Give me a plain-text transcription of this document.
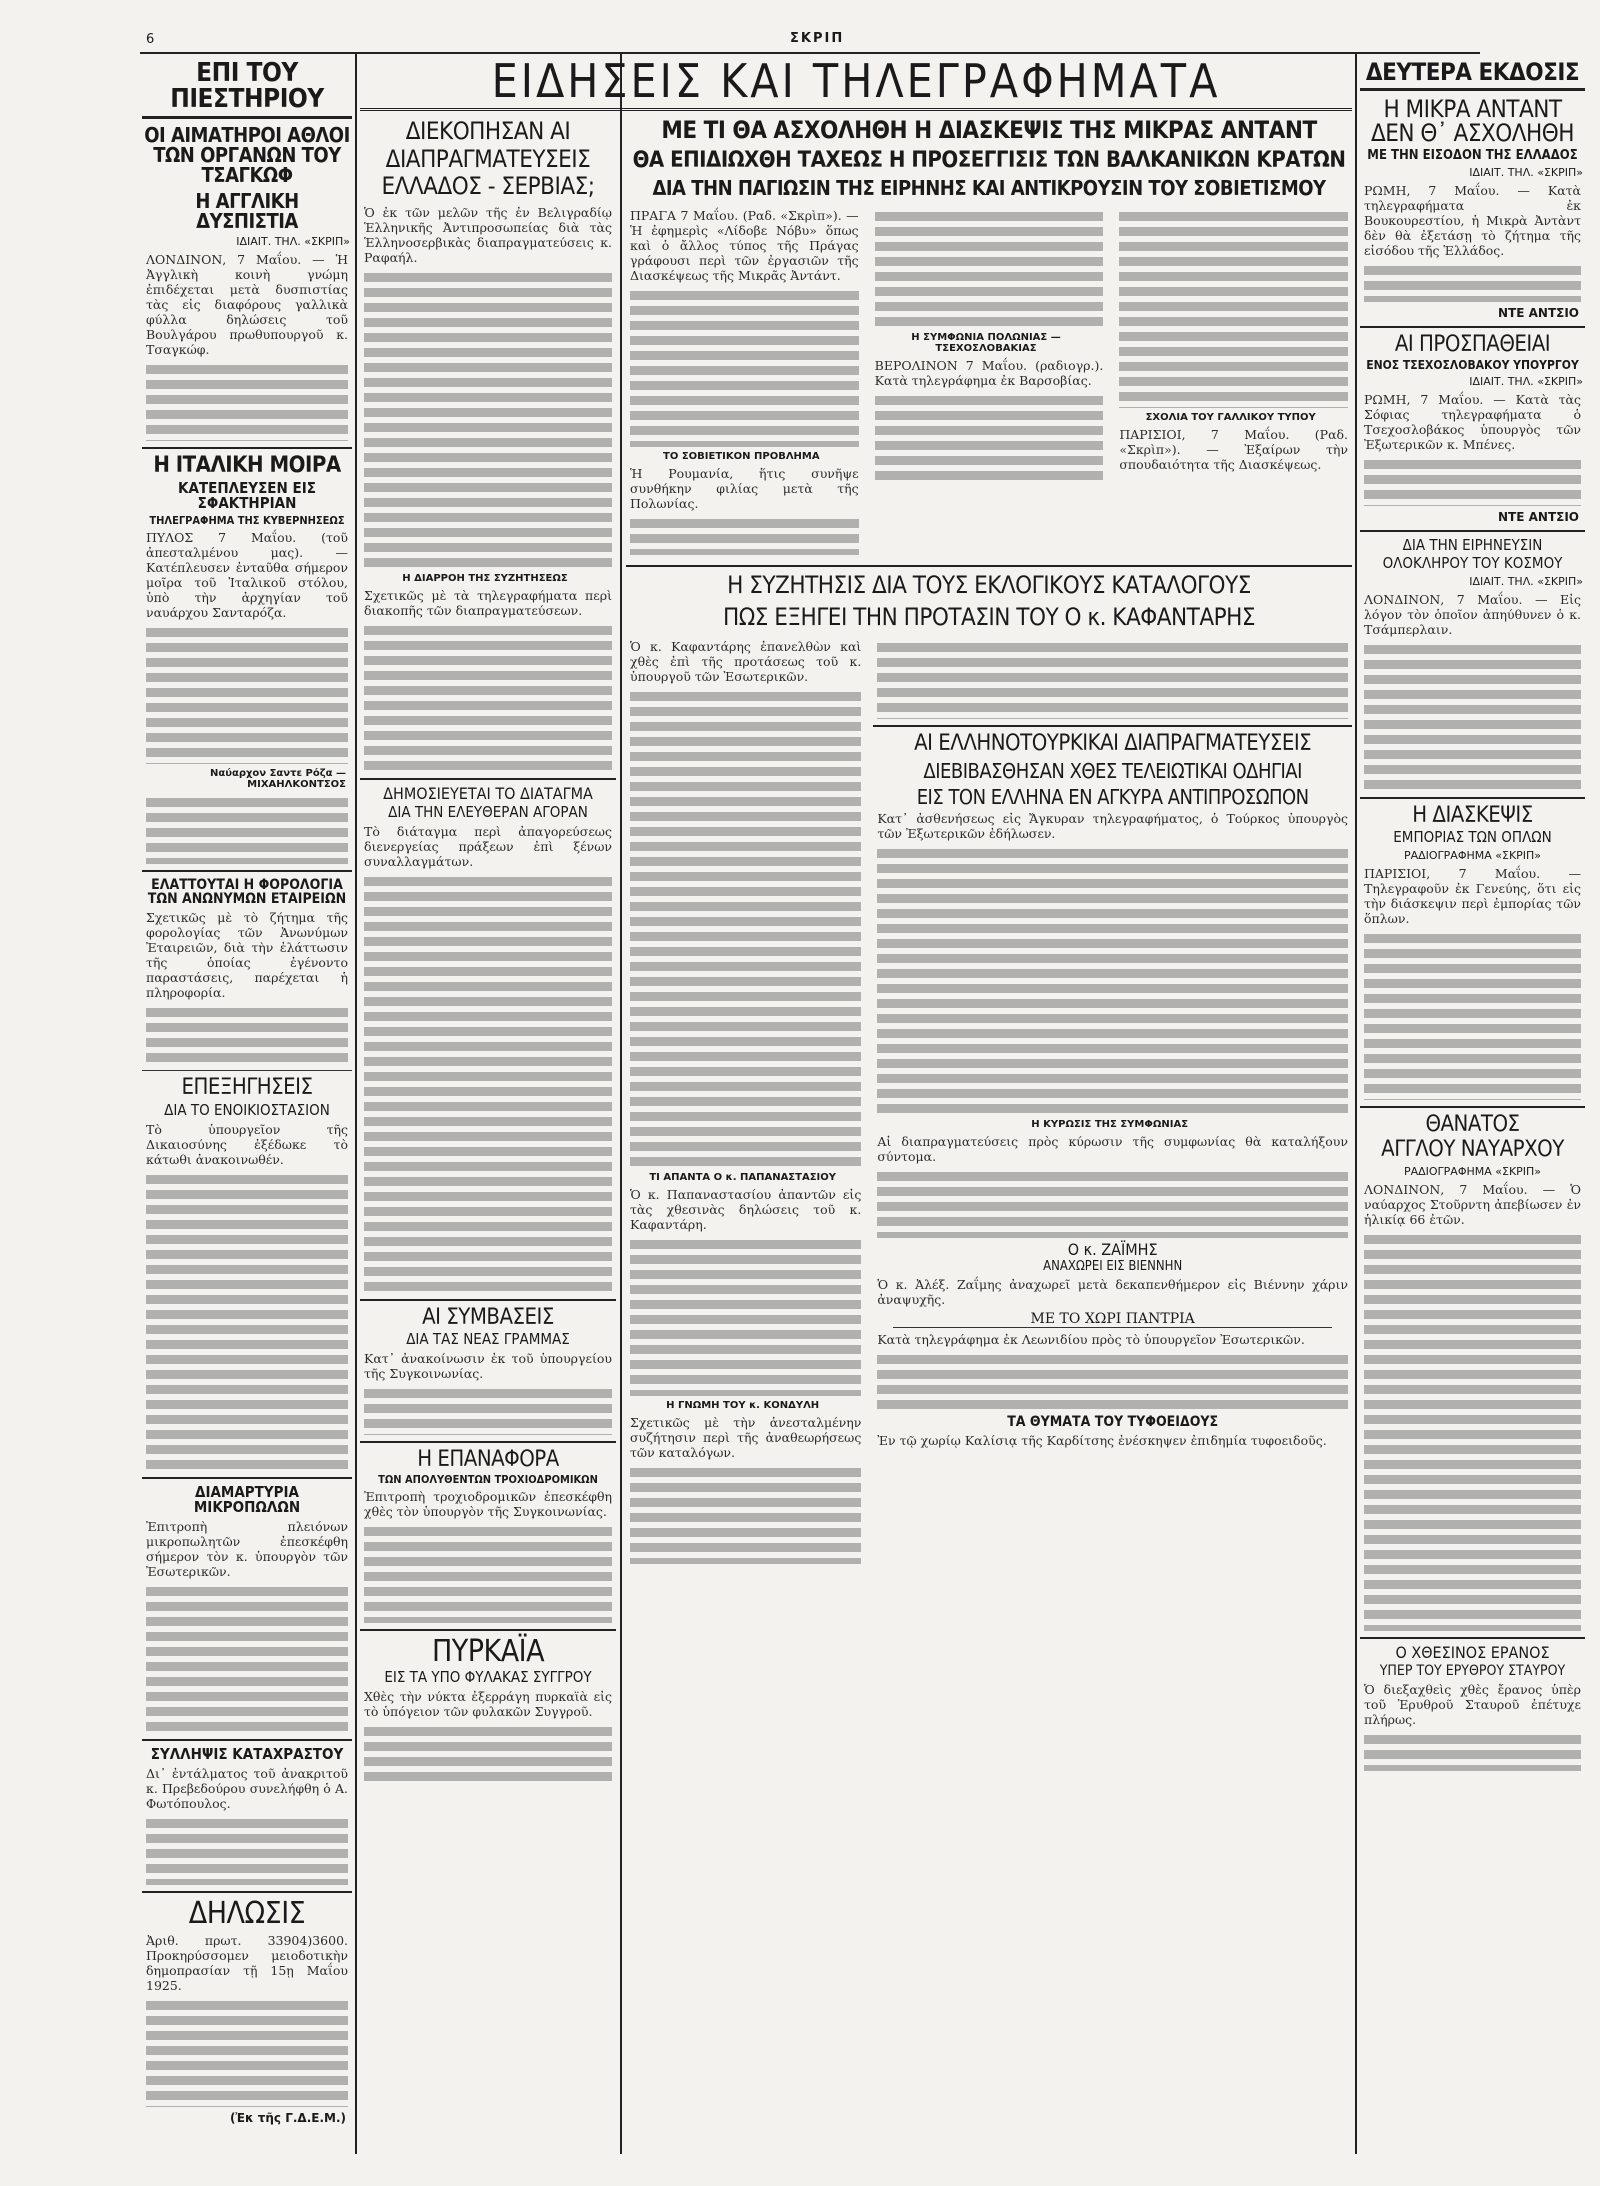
6	ΣΚΡΙΠ
ΕΠΙ ΤΟΥ ΠΙΕΣΤΗΡΙΟΥ
ΟΙ ΑΙΜΑΤΗΡΟΙ ΑΘΛΟΙ ΤΩΝ ΟΡΓΑΝΩΝ ΤΟΥ ΤΣΑΓΚΩΦ
Η ΑΓΓΛΙΚΗ ΔΥΣΠΙΣΤΙΑ
ΙΔΙΑΙΤ. ΤΗΛ. «ΣΚΡΙΠ»
ΛΟΝΔΙΝΟΝ, 7 Μαΐου. — Ἡ Ἀγγλικὴ κοινὴ γνώμη ἐπιδέχεται μετὰ δυσπιστίας τὰς εἰς διαφόρους γαλλικὰ φύλλα δηλώσεις τοῦ Βουλγάρου πρωθυπουργοῦ κ. Τσαγκώφ.
Η ΙΤΑΛΙΚΗ ΜΟΙΡΑ
ΚΑΤΕΠΛΕΥΣΕΝ ΕΙΣ ΣΦΑΚΤΗΡΙΑΝ
ΤΗΛΕΓΡΑΦΗΜΑ ΤΗΣ ΚΥΒΕΡΝΗΣΕΩΣ
ΠΥΛΟΣ 7 Μαΐου. (τοῦ ἀπεσταλμένου μας). — Κατέπλευσεν ἐνταῦθα σήμερον μοῖρα τοῦ Ἰταλικοῦ στόλου, ὑπὸ τὴν ἀρχηγίαν τοῦ ναυάρχου Σανταρόζα.
Ναύαρχον Σαντε Ρόζα — ΜΙΧΑΗΛΚΟΝΤΣΟΣ
ΕΛΑΤΤΟΥΤΑΙ Η ΦΟΡΟΛΟΓΙΑ ΤΩΝ ΑΝΩΝΥΜΩΝ ΕΤΑΙΡΕΙΩΝ
Σχετικῶς μὲ τὸ ζήτημα τῆς φορολογίας τῶν Ἀνωνύμων Ἐταιρειῶν, διὰ τὴν ἐλάττωσιν τῆς ὁποίας ἐγένοντο παραστάσεις, παρέχεται ἡ πληροφορία.
ΕΠΕΞΗΓΗΣΕΙΣ
ΔΙΑ ΤΟ ΕΝΟΙΚΙΟΣΤΑΣΙΟΝ
Τὸ ὑπουργεῖον τῆς Δικαιοσύνης ἐξέδωκε τὸ κάτωθι ἀνακοινωθέν.
ΔΙΑΜΑΡΤΥΡΙΑ ΜΙΚΡΟΠΩΛΩΝ
Ἐπιτροπὴ πλειόνων μικροπωλητῶν ἐπεσκέφθη σήμερον τὸν κ. ὑπουργὸν τῶν Ἐσωτερικῶν.
ΣΥΛΛΗΨΙΣ ΚΑΤΑΧΡΑΣΤΟΥ
Δι᾽ ἐντάλματος τοῦ ἀνακριτοῦ κ. Πρεβεδούρου συνελήφθη ὁ Α. Φωτόπουλος.
ΔΗΛΩΣΙΣ
Ἀριθ. πρωτ. 33904)3600. Προκηρύσσομεν μειοδοτικὴν δημοπρασίαν τῇ 15ῃ Μαΐου 1925.
(Ἐκ τῆς Γ.Δ.Ε.Μ.)
ΕΙΔΗΣΕΙΣ ΚΑΙ ΤΗΛΕΓΡΑΦΗΜΑΤΑ
ΔΙΕΚΟΠΗΣΑΝ ΑΙ ΔΙΑΠΡΑΓΜΑΤΕΥΣΕΙΣ ΕΛΛΑΔΟΣ - ΣΕΡΒΙΑΣ;
Ὁ ἐκ τῶν μελῶν τῆς ἐν Βελιγραδίῳ Ἑλληνικῆς Ἀντιπροσωπείας διὰ τὰς Ἑλληνοσερβικὰς διαπραγματεύσεις κ. Ραφαήλ.
Η ΔΙΑΡΡΟΗ ΤΗΣ ΣΥΖΗΤΗΣΕΩΣ
Σχετικῶς μὲ τὰ τηλεγραφήματα περὶ διακοπῆς τῶν διαπραγματεύσεων.
ΔΗΜΟΣΙΕΥΕΤΑΙ ΤΟ ΔΙΑΤΑΓΜΑ
ΔΙΑ ΤΗΝ ΕΛΕΥΘΕΡΑΝ ΑΓΟΡΑΝ
Τὸ διάταγμα περὶ ἀπαγορεύσεως διενεργείας πράξεων ἐπὶ ξένων συναλλαγμάτων.
ΑΙ ΣΥΜΒΑΣΕΙΣ
ΔΙΑ ΤΑΣ ΝΕΑΣ ΓΡΑΜΜΑΣ
Κατ᾽ ἀνακοίνωσιν ἐκ τοῦ ὑπουργείου τῆς Συγκοινωνίας.
Η ΕΠΑΝΑΦΟΡΑ
ΤΩΝ ΑΠΟΛΥΘΕΝΤΩΝ ΤΡΟΧΙΟΔΡΟΜΙΚΩΝ
Ἐπιτροπὴ τροχιοδρομικῶν ἐπεσκέφθη χθὲς τὸν ὑπουργὸν τῆς Συγκοινωνίας.
ΠΥΡΚΑΪΑ
ΕΙΣ ΤΑ ΥΠΟ ΦΥΛΑΚΑΣ ΣΥΓΓΡΟΥ
Χθὲς τὴν νύκτα ἐξερράγη πυρκαϊὰ εἰς τὸ ὑπόγειον τῶν φυλακῶν Συγγροῦ.
ΜΕ ΤΙ ΘΑ ΑΣΧΟΛΗΘΗ Η ΔΙΑΣΚΕΨΙΣ ΤΗΣ ΜΙΚΡΑΣ ΑΝΤΑΝΤ
ΘΑ ΕΠΙΔΙΩΧΘΗ ΤΑΧΕΩΣ Η ΠΡΟΣΕΓΓΙΣΙΣ ΤΩΝ ΒΑΛΚΑΝΙΚΩΝ ΚΡΑΤΩΝ
ΔΙΑ ΤΗΝ ΠΑΓΙΩΣΙΝ ΤΗΣ ΕΙΡΗΝΗΣ ΚΑΙ ΑΝΤΙΚΡΟΥΣΙΝ ΤΟΥ ΣΟΒΙΕΤΙΣΜΟΥ
ΠΡΑΓΑ 7 Μαΐου. (Ραδ. «Σκρὶπ»). — Ἡ ἐφημερὶς «Λίδοβε Νόβυ» ὅπως καὶ ὁ ἄλλος τύπος τῆς Πράγας γράφουσι περὶ τῶν ἐργασιῶν τῆς Διασκέψεως τῆς Μικρᾶς Ἀντάντ.
ΤΟ ΣΟΒΙΕΤΙΚΟΝ ΠΡΟΒΛΗΜΑ
Ἡ Ρουμανία, ἥτις συνῆψε συνθήκην φιλίας μετὰ τῆς Πολωνίας.
Η ΣΥΜΦΩΝΙΑ ΠΟΛΩΝΙΑΣ — ΤΣΕΧΟΣΛΟΒΑΚΙΑΣ
ΒΕΡΟΛΙΝΟΝ 7 Μαΐου. (ραδιογρ.). Κατὰ τηλεγράφημα ἐκ Βαρσοβίας.
ΣΧΟΛΙΑ ΤΟΥ ΓΑΛΛΙΚΟΥ ΤΥΠΟΥ
ΠΑΡΙΣΙΟΙ, 7 Μαΐου. (Ραδ. «Σκρὶπ»). — Ἐξαίρων τὴν σπουδαιότητα τῆς Διασκέψεως.
Η ΣΥΖΗΤΗΣΙΣ ΔΙΑ ΤΟΥΣ ΕΚΛΟΓΙΚΟΥΣ ΚΑΤΑΛΟΓΟΥΣ
ΠΩΣ ΕΞΗΓΕΙ ΤΗΝ ΠΡΟΤΑΣΙΝ ΤΟΥ Ο κ. ΚΑΦΑΝΤΑΡΗΣ
Ὁ κ. Καφαντάρης ἐπανελθὼν καὶ χθὲς ἐπὶ τῆς προτάσεως τοῦ κ. ὑπουργοῦ τῶν Ἐσωτερικῶν.
ΤΙ ΑΠΑΝΤΑ Ο κ. ΠΑΠΑΝΑΣΤΑΣΙΟΥ
Ὁ κ. Παπαναστασίου ἀπαντῶν εἰς τὰς χθεσινὰς δηλώσεις τοῦ κ. Καφαντάρη.
Η ΓΝΩΜΗ ΤΟΥ κ. ΚΟΝΔΥΛΗ
Σχετικῶς μὲ τὴν ἀνεσταλμένην συζήτησιν περὶ τῆς ἀναθεωρήσεως τῶν καταλόγων.
ΑΙ ΕΛΛΗΝΟΤΟΥΡΚΙΚΑΙ ΔΙΑΠΡΑΓΜΑΤΕΥΣΕΙΣ
ΔΙΕΒΙΒΑΣΘΗΣΑΝ ΧΘΕΣ ΤΕΛΕΙΩΤΙΚΑΙ ΟΔΗΓΙΑΙ
ΕΙΣ ΤΟΝ ΕΛΛΗΝΑ ΕΝ ΑΓΚΥΡΑ ΑΝΤΙΠΡΟΣΩΠΟΝ
Κατ᾽ ἀσθενήσεως εἰς Ἄγκυραν τηλεγραφήματος, ὁ Τούρκος ὑπουργὸς τῶν Ἐξωτερικῶν ἐδήλωσεν.
Η ΚΥΡΩΣΙΣ ΤΗΣ ΣΥΜΦΩΝΙΑΣ
Αἱ διαπραγματεύσεις πρὸς κύρωσιν τῆς συμφωνίας θὰ καταλήξουν σύντομα.
Ο κ. ΖΑΪΜΗΣ
ΑΝΑΧΩΡΕΙ ΕΙΣ ΒΙΕΝΝΗΝ
Ὁ κ. Ἀλέξ. Ζαΐμης ἀναχωρεῖ μετὰ δεκαπενθήμερον εἰς Βιέννην χάριν ἀναψυχῆς.
ΜΕ ΤΟ ΧΩΡΙ ΠΑΝΤΡΙΑ
Κατὰ τηλεγράφημα ἐκ Λεωνιδίου πρὸς τὸ ὑπουργεῖον Ἐσωτερικῶν.
ΤΑ ΘΥΜΑΤΑ ΤΟΥ ΤΥΦΟΕΙΔΟΥΣ
Ἐν τῷ χωρίῳ Καλίσιᾳ τῆς Καρδίτσης ἐνέσκηψεν ἐπιδημία τυφοειδοῦς.
ΔΕΥΤΕΡΑ ΕΚΔΟΣΙΣ
Η ΜΙΚΡΑ ΑΝΤΑΝΤ ΔΕΝ Θ᾽ ΑΣΧΟΛΗΘΗ
ΜΕ ΤΗΝ ΕΙΣΟΔΟΝ ΤΗΣ ΕΛΛΑΔΟΣ
ΙΔΙΑΙΤ. ΤΗΛ. «ΣΚΡΙΠ»
ΡΩΜΗ, 7 Μαΐου. — Κατὰ τηλεγραφήματα ἐκ Βουκουρεστίου, ἡ Μικρὰ Ἀντὰντ δὲν θὰ ἐξετάσῃ τὸ ζήτημα τῆς εἰσόδου τῆς Ἑλλάδος.
ΝΤΕ ΑΝΤΣΙΟ
ΑΙ ΠΡΟΣΠΑΘΕΙΑΙ
ΕΝΟΣ ΤΣΕΧΟΣΛΟΒΑΚΟΥ ΥΠΟΥΡΓΟΥ
ΙΔΙΑΙΤ. ΤΗΛ. «ΣΚΡΙΠ»
ΡΩΜΗ, 7 Μαΐου. — Κατὰ τὰς Σόφιας τηλεγραφήματα ὁ Τσεχοσλοβάκος ὑπουργὸς τῶν Ἐξωτερικῶν κ. Μπένες.
ΝΤΕ ΑΝΤΣΙΟ
ΔΙΑ ΤΗΝ ΕΙΡΗΝΕΥΣΙΝ
ΟΛΟΚΛΗΡΟΥ ΤΟΥ ΚΟΣΜΟΥ
ΙΔΙΑΙΤ. ΤΗΛ. «ΣΚΡΙΠ»
ΛΟΝΔΙΝΟΝ, 7 Μαΐου. — Εἰς λόγον τὸν ὁποῖον ἀπηύθυνεν ὁ κ. Τσάμπερλαιν.
Η ΔΙΑΣΚΕΨΙΣ
ΕΜΠΟΡΙΑΣ ΤΩΝ ΟΠΛΩΝ
ΡΑΔΙΟΓΡΑΦΗΜΑ «ΣΚΡΙΠ»
ΠΑΡΙΣΙΟΙ, 7 Μαΐου. — Τηλεγραφοῦν ἐκ Γενεύης, ὅτι εἰς τὴν διάσκεψιν περὶ ἐμπορίας τῶν ὅπλων.
ΘΑΝΑΤΟΣ
ΑΓΓΛΟΥ ΝΑΥΑΡΧΟΥ
ΡΑΔΙΟΓΡΑΦΗΜΑ «ΣΚΡΙΠ»
ΛΟΝΔΙΝΟΝ, 7 Μαΐου. — Ὁ ναύαρχος Στοῦρντη ἀπεβίωσεν ἐν ἡλικίᾳ 66 ἐτῶν.
Ο ΧΘΕΣΙΝΟΣ ΕΡΑΝΟΣ
ΥΠΕΡ ΤΟΥ ΕΡΥΘΡΟΥ ΣΤΑΥΡΟΥ
Ὁ διεξαχθεὶς χθὲς ἔρανος ὑπὲρ τοῦ Ἐρυθροῦ Σταυροῦ ἐπέτυχε πλήρως.
